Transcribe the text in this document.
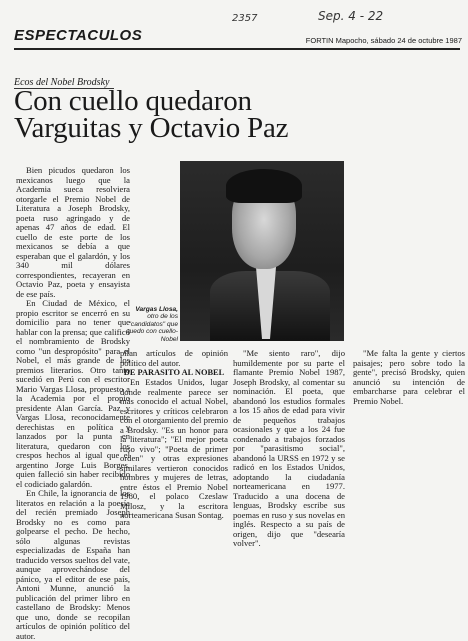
2357	Sep. 4 - 22
ESPECTACULOS	FORTIN Mapocho, sábado 24 de octubre 1987
Ecos del Nobel Brodsky
Con cuello quedaron
Varguitas y Octavio Paz

Bien picudos quedaron los mexicanos luego que la Academia sueca resolviera otorgarle el Premio Nobel de Literatura a Joseph Brodsky, poeta ruso agringado y de apenas 47 años de edad. El cuello de este porte de los mexicanos se debía a que esperaban que el galardón, y los 340 mil dólares correspondientes, recayeran en Octavio Paz, poeta y ensayista de ese país.

En Ciudad de México, el propio escritor se encerró en su domicilio para no tener que hablar con la prensa; que calificó el nombramiento de Brodsky como "un despropósito" para el Nobel, el más grande de los premios literarios. Otro tanto sucedió en Perú con el escritor Mario Vargas Llosa, propuesto a la Academia por el propio presidente Alan García. Paz y Vargas Llosa, reconocidamente derechistas en política y lanzados por la punta en literatura, quedaron con los crespos hechos al igual que el argentino Jorge Luis Borges, quien falleció sin haber recibido el codiciado galardón.

En Chile, la ignorancia de los literatos en relación a la poesía del recién premiado Joseph Brodsky no es como para golpearse el pecho. De hecho, sólo algunas revistas especializadas de España han traducido versos sueltos del vate, aunque aprovechándose del pánico, ya el editor de ese país, Antoni Munne, anunció la publicación del primer libro en castellano de Brodsky: Menos que uno, donde se recopilan artículos de opinión político del autor.

Vargas Llosa, otro de los "candidatos" que quedo con cuello-Nobel

pilan artículos de opinión político del autor.

DE PARASITO AL NOBEL

En Estados Unidos, lugar donde realmente parece ser más conocido el actual Nobel, escritores y críticos celebraron con el otorgamiento del premio a Brodsky. "Es un honor para la literatura"; "El mejor poeta ruso vivo"; "Poeta de primer orden" y otras expresiones similares vertieron conocidos hombres y mujeres de letras, entre éstos el Premio Nobel 1980, el polaco Czeslaw Milosz, y la escritora norteamericana Susan Sontag.

"Me siento raro", dijo humildemente por su parte el flamante Premio Nobel 1987, Joseph Brodsky, al comentar su nominación. El poeta, que abandonó los estudios formales a los 15 años de edad para vivir de pequeños trabajos ocasionales y que a los 24 fue condenado a trabajos forzados por "parasitismo social", abandonó la URSS en 1972 y se radicó en los Estados Unidos, adoptando la ciudadanía norteamericana en 1977. Traducido a una docena de lenguas, Brodsky escribe sus poemas en ruso y sus novelas en inglés. Respecto a su país de origen, dijo que "desearía volver".

"Me falta la gente y ciertos paisajes; pero sobre todo la gente", precisó Brodsky, quien anunció su intención de embarcharse para celebrar el Premio Nobel.
